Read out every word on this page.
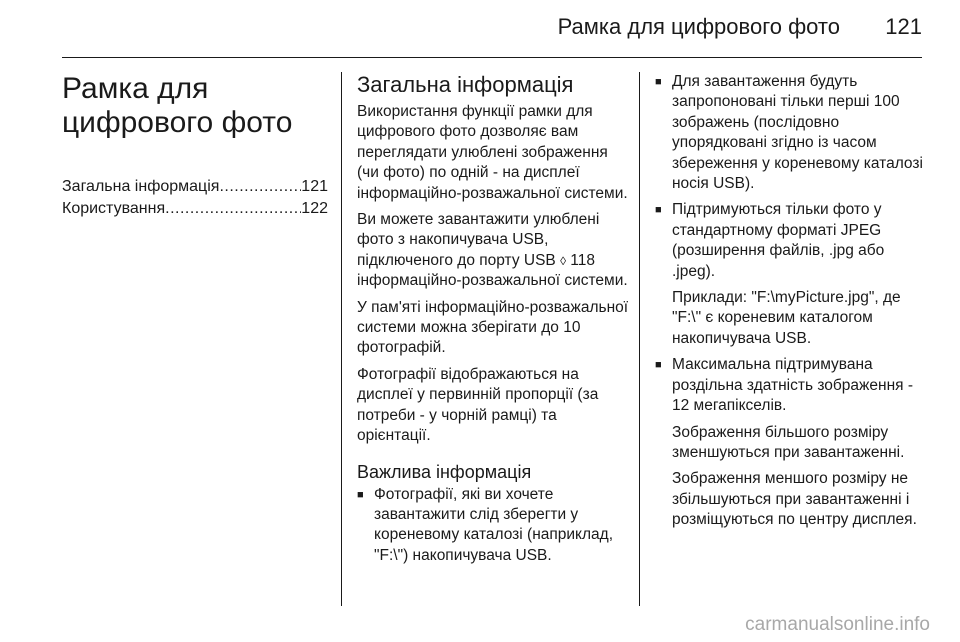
Рамка для цифрового фото 121
Рамка для
цифрового фото
Загальна інформація .....	121
Користування .....	122
Загальна інформація

Використання функції рамки для цифрового фото дозволяє вам переглядати улюблені зображення (чи фото) по одній - на дисплеї інформаційно-розважальної системи.

Ви можете завантажити улюблені фото з накопичувача USB, підключеного до порту USB ◊ 118 інформаційно-розважальної системи.

У пам'яті інформаційно-розважальної системи можна зберігати до 10 фотографій.

Фотографії відображаються на дисплеї у первинній пропорції (за потреби - у чорній рамці) та орієнтації.

Важлива інформація
■ Фотографії, які ви хочете завантажити слід зберегти у кореневому каталозі (наприклад, "F:\") накопичувача USB.
■ Для завантаження будуть запропоновані тільки перші 100 зображень (послідовно упорядковані згідно із часом збереження у кореневому каталозі носія USB).
■ Підтримуються тільки фото у стандартному форматі JPEG (розширення файлів, .jpg або .jpeg).

Приклади: "F:\myPicture.jpg", де "F:\" є кореневим каталогом накопичувача USB.

■ Максимальна підтримувана роздільна здатність зображення - 12 мегапікселів.

Зображення більшого розміру зменшуються при завантаженні.

Зображення меншого розміру не збільшуються при завантаженні і розміщуються по центру дисплея.

carmanualsonline.info
